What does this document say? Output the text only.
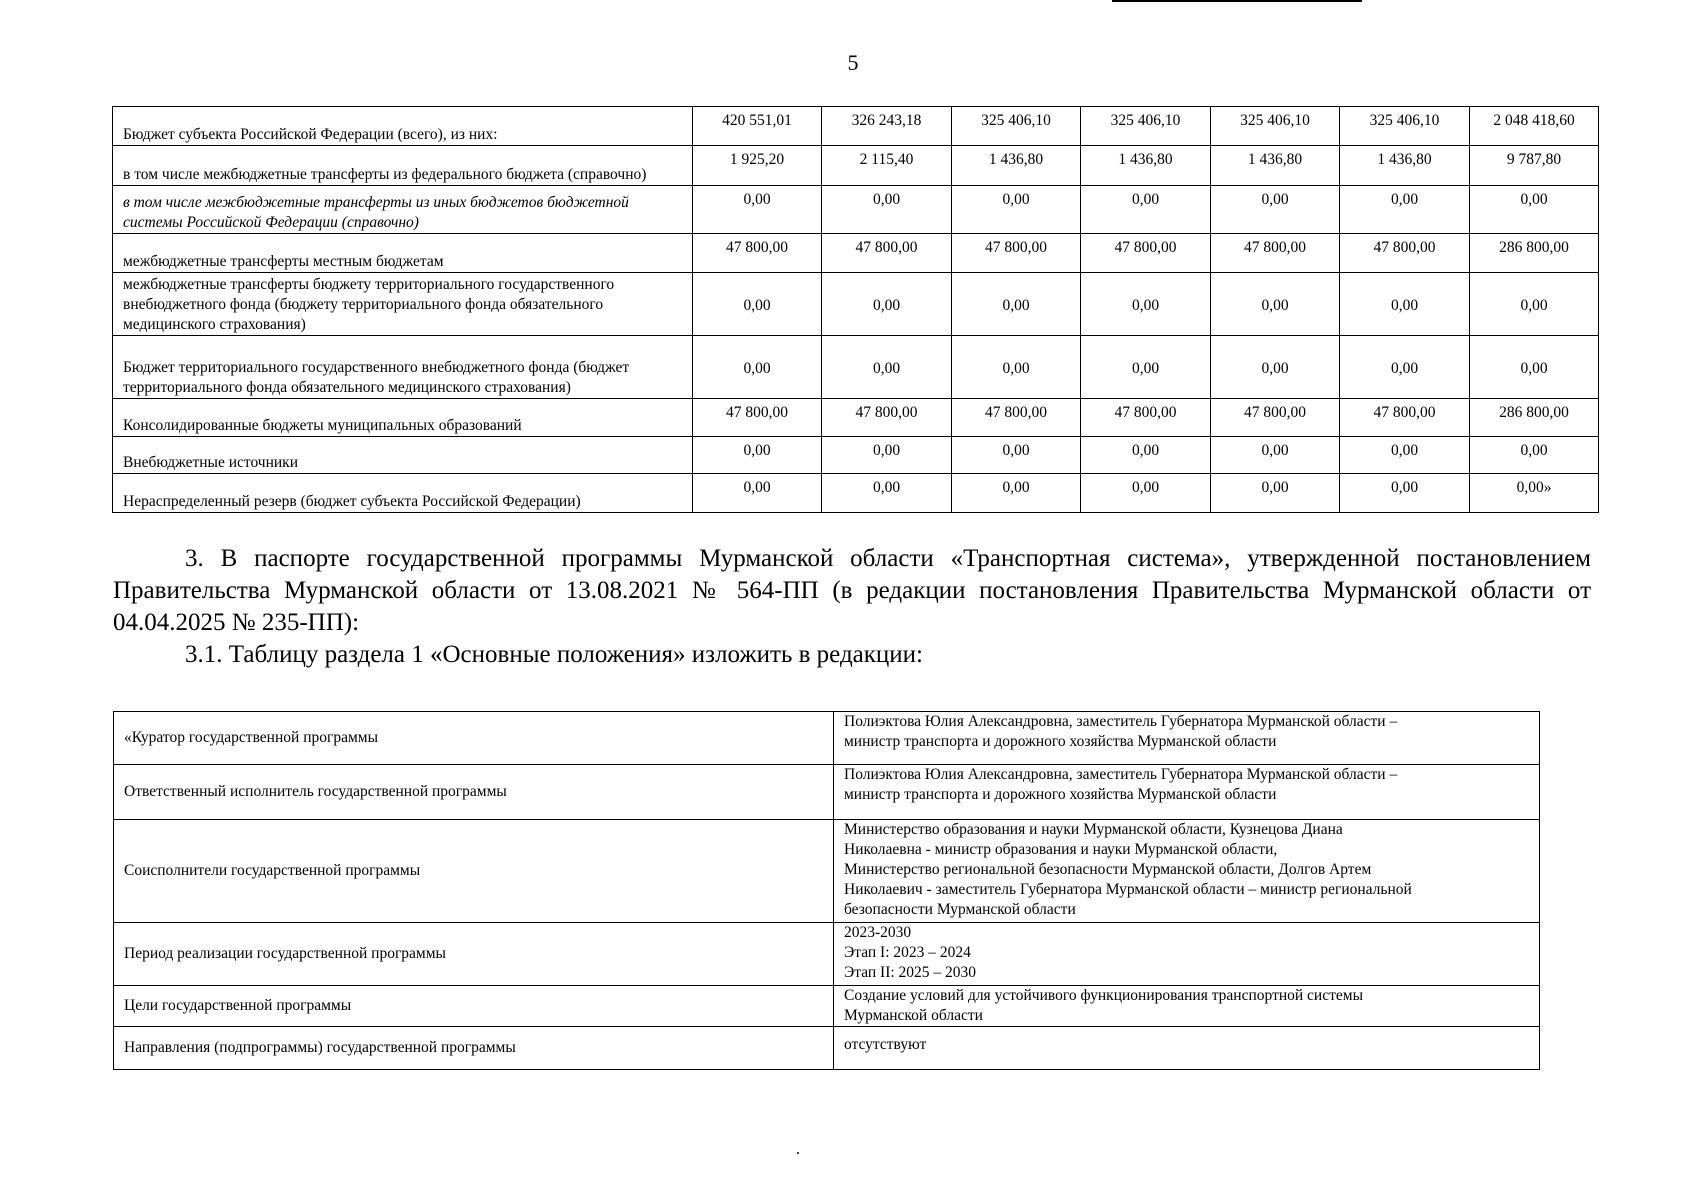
5
Бюджет субъекта Российской Федерации (всего), из них:	420 551,01	326 243,18	325 406,10	325 406,10	325 406,10	325 406,10	2 048 418,60
в том числе межбюджетные трансферты из федерального бюджета (справочно)	1 925,20	2 115,40	1 436,80	1 436,80	1 436,80	1 436,80	9 787,80
в том числе межбюджетные трансферты из иных бюджетов бюджетной системы Российской Федерации (справочно)	0,00	0,00	0,00	0,00	0,00	0,00	0,00
межбюджетные трансферты местным бюджетам	47 800,00	47 800,00	47 800,00	47 800,00	47 800,00	47 800,00	286 800,00
межбюджетные трансферты бюджету территориального государственного внебюджетного фонда (бюджету территориального фонда обязательного медицинского страхования)	0,00	0,00	0,00	0,00	0,00	0,00	0,00
Бюджет территориального государственного внебюджетного фонда (бюджет территориального фонда обязательного медицинского страхования)	0,00	0,00	0,00	0,00	0,00	0,00	0,00
Консолидированные бюджеты муниципальных образований	47 800,00	47 800,00	47 800,00	47 800,00	47 800,00	47 800,00	286 800,00
Внебюджетные источники	0,00	0,00	0,00	0,00	0,00	0,00	0,00
Нераспределенный резерв (бюджет субъекта Российской Федерации)	0,00	0,00	0,00	0,00	0,00	0,00	0,00»

3. В паспорте государственной программы Мурманской области «Транспортная система», утвержденной постановлением Правительства Мурманской области от 13.08.2021 № 564-ПП (в редакции постановления Правительства Мурманской области от 04.04.2025 № 235-ПП):

3.1. Таблицу раздела 1 «Основные положения» изложить в редакции:

«Куратор государственной программы	Полиэктова Юлия Александровна, заместитель Губернатора Мурманской области –
министр транспорта и дорожного хозяйства Мурманской области

Ответственный исполнитель государственной программы	Полиэктова Юлия Александровна, заместитель Губернатора Мурманской области –
министр транспорта и дорожного хозяйства Мурманской области

Соисполнители государственной программы	Министерство образования и науки Мурманской области, Кузнецова Диана
Николаевна - министр образования и науки Мурманской области,
Министерство региональной безопасности Мурманской области, Долгов Артем
Николаевич - заместитель Губернатора Мурманской области – министр региональной
безопасности Мурманской области

Период реализации государственной программы	2023-2030
Этап I: 2023 – 2024
Этап II: 2025 – 2030

Цели государственной программы	Создание условий для устойчивого функционирования транспортной системы
Мурманской области

Направления (подпрограммы) государственной программы	отсутствуют
